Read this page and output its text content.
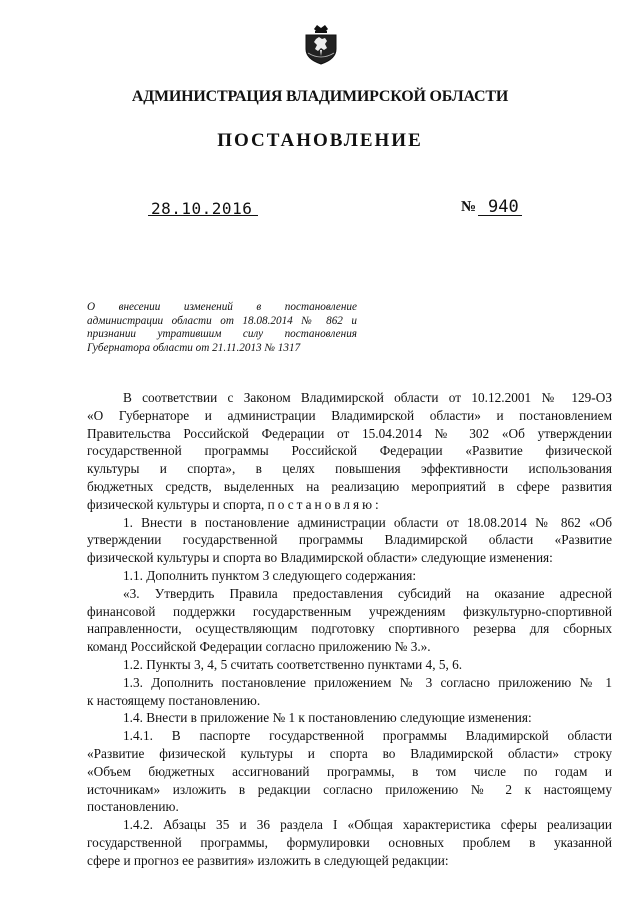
АДМИНИСТРАЦИЯ ВЛАДИМИРСКОЙ ОБЛАСТИ
ПОСТАНОВЛЕНИЕ
28.10.2016	№ 940
О внесении изменений в постановление
администрации области от 18.08.2014 № 862 и
признании утратившим силу постановления
Губернатора области от 21.11.2013 № 1317
В соответствии с Законом Владимирской области от 10.12.2001 № 129-ОЗ
«О Губернаторе и администрации Владимирской области» и постановлением
Правительства Российской Федерации от 15.04.2014 № 302 «Об утверждении
государственной программы Российской Федерации «Развитие физической
культуры и спорта», в целях повышения эффективности использования
бюджетных средств, выделенных на реализацию мероприятий в сфере развития
физической культуры и спорта, постановляю:
1. Внести в постановление администрации области от 18.08.2014 № 862 «Об
утверждении государственной программы Владимирской области «Развитие
физической культуры и спорта во Владимирской области» следующие изменения:
1.1. Дополнить пунктом 3 следующего содержания:
«3. Утвердить Правила предоставления субсидий на оказание адресной
финансовой поддержки государственным учреждениям физкультурно-спортивной
направленности, осуществляющим подготовку спортивного резерва для сборных
команд Российской Федерации согласно приложению № 3.».
1.2. Пункты 3, 4, 5 считать соответственно пунктами 4, 5, 6.
1.3. Дополнить постановление приложением № 3 согласно приложению № 1
к настоящему постановлению.
1.4. Внести в приложение № 1 к постановлению следующие изменения:
1.4.1. В паспорте государственной программы Владимирской области
«Развитие физической культуры и спорта во Владимирской области» строку
«Объем бюджетных ассигнований программы, в том числе по годам и
источникам» изложить в редакции согласно приложению № 2 к настоящему
постановлению.
1.4.2. Абзацы 35 и 36 раздела I «Общая характеристика сферы реализации
государственной программы, формулировки основных проблем в указанной
сфере и прогноз ее развития» изложить в следующей редакции:
